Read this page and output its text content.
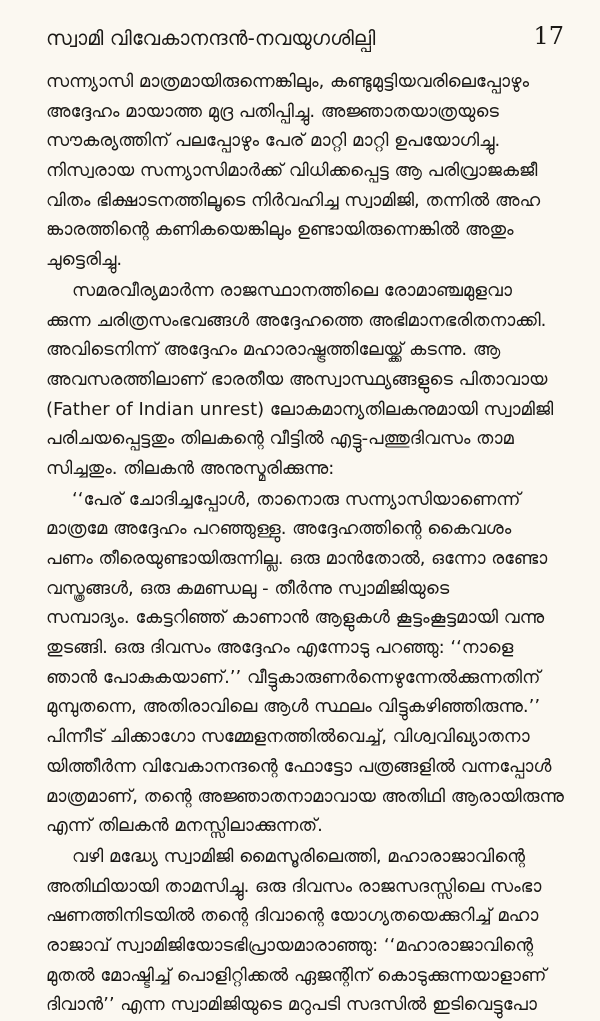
സ്വാമി വിവേകാനന്ദൻ-നവയുഗശില്പി	17
സന്ന്യാസി മാത്രമായിരുന്നെങ്കിലും, കണ്ടുമുട്ടിയവരിലെപ്പോഴും
അദ്ദേഹം മായാത്ത മുദ്ര പതിപ്പിച്ചു. അജ്ഞാതയാത്രയുടെ
സൗകര്യത്തിന് പലപ്പോഴും പേര് മാറ്റി മാറ്റി ഉപയോഗിച്ചു.
നിസ്വരായ സന്ന്യാസിമാർക്ക് വിധിക്കപ്പെട്ട ആ പരിവ്രാജകജീ
വിതം ഭിക്ഷാടനത്തിലൂടെ നിർവഹിച്ച സ്വാമിജി, തന്നിൽ അഹ
ങ്കാരത്തിന്റെ കണികയെങ്കിലും ഉണ്ടായിരുന്നെങ്കിൽ അതും
ചുട്ടെരിച്ചു.
സമരവീര്യമാർന്ന രാജസ്ഥാനത്തിലെ രോമാഞ്ചമുളവാ
ക്കുന്ന ചരിത്രസംഭവങ്ങൾ അദ്ദേഹത്തെ അഭിമാനഭരിതനാക്കി.
അവിടെനിന്ന് അദ്ദേഹം മഹാരാഷ്ട്രത്തിലേയ്ക്ക് കടന്നു. ആ
അവസരത്തിലാണ് ഭാരതീയ അസ്വാസ്ഥ്യങ്ങളുടെ പിതാവായ
(Father of Indian unrest) ലോകമാന്യതിലകനുമായി സ്വാമിജി
പരിചയപ്പെട്ടതും തിലകന്റെ വീട്ടിൽ എട്ടു-പത്തുദിവസം താമ
സിച്ചതും. തിലകൻ അനുസ്മരിക്കുന്നു:
‘‘പേര് ചോദിച്ചപ്പോൾ, താനൊരു സന്ന്യാസിയാണെന്ന്
മാത്രമേ അദ്ദേഹം പറഞ്ഞുള്ളു. അദ്ദേഹത്തിന്റെ കൈവശം
പണം തീരെയുണ്ടായിരുന്നില്ല. ഒരു മാൻതോൽ, ഒന്നോ രണ്ടോ
വസ്ത്രങ്ങൾ, ഒരു കമണ്ഡലു - തീർന്നു സ്വാമിജിയുടെ
സമ്പാദ്യം. കേട്ടറിഞ്ഞ് കാണാൻ ആളുകൾ കൂട്ടംകൂട്ടമായി വന്നു
തുടങ്ങി. ഒരു ദിവസം അദ്ദേഹം എന്നോടു പറഞ്ഞു: ‘‘നാളെ
ഞാൻ പോകുകയാണ്.’’ വീട്ടുകാരുണർന്നെഴുന്നേൽക്കുന്നതിന്
മുമ്പുതന്നെ, അതിരാവിലെ ആൾ സ്ഥലം വിട്ടുകഴിഞ്ഞിരുന്നു.’’
പിന്നീട് ചിക്കാഗോ സമ്മേളനത്തിൽവെച്ച്, വിശ്വവിഖ്യാതനാ
യിത്തീർന്ന വിവേകാനന്ദന്റെ ഫോട്ടോ പത്രങ്ങളിൽ വന്നപ്പോൾ
മാത്രമാണ്, തന്റെ അജ്ഞാതനാമാവായ അതിഥി ആരായിരുന്നു
എന്ന് തിലകൻ മനസ്സിലാക്കുന്നത്.
വഴി മദ്ധ്യേ സ്വാമിജി മൈസൂരിലെത്തി, മഹാരാജാവിന്റെ
അതിഥിയായി താമസിച്ചു. ഒരു ദിവസം രാജസദസ്സിലെ സംഭാ
ഷണത്തിനിടയിൽ തന്റെ ദിവാന്റെ യോഗ്യതയെക്കുറിച്ച് മഹാ
രാജാവ് സ്വാമിജിയോടഭിപ്രായമാരാഞ്ഞു: ‘‘മഹാരാജാവിന്റെ
മുതൽ മോഷ്ടിച്ച് പൊളിറ്റിക്കൽ ഏജന്റിന് കൊടുക്കുന്നയാളാണ്
ദിവാൻ’’ എന്ന സ്വാമിജിയുടെ മറുപടി സദസിൽ ഇടിവെട്ടുപോ
